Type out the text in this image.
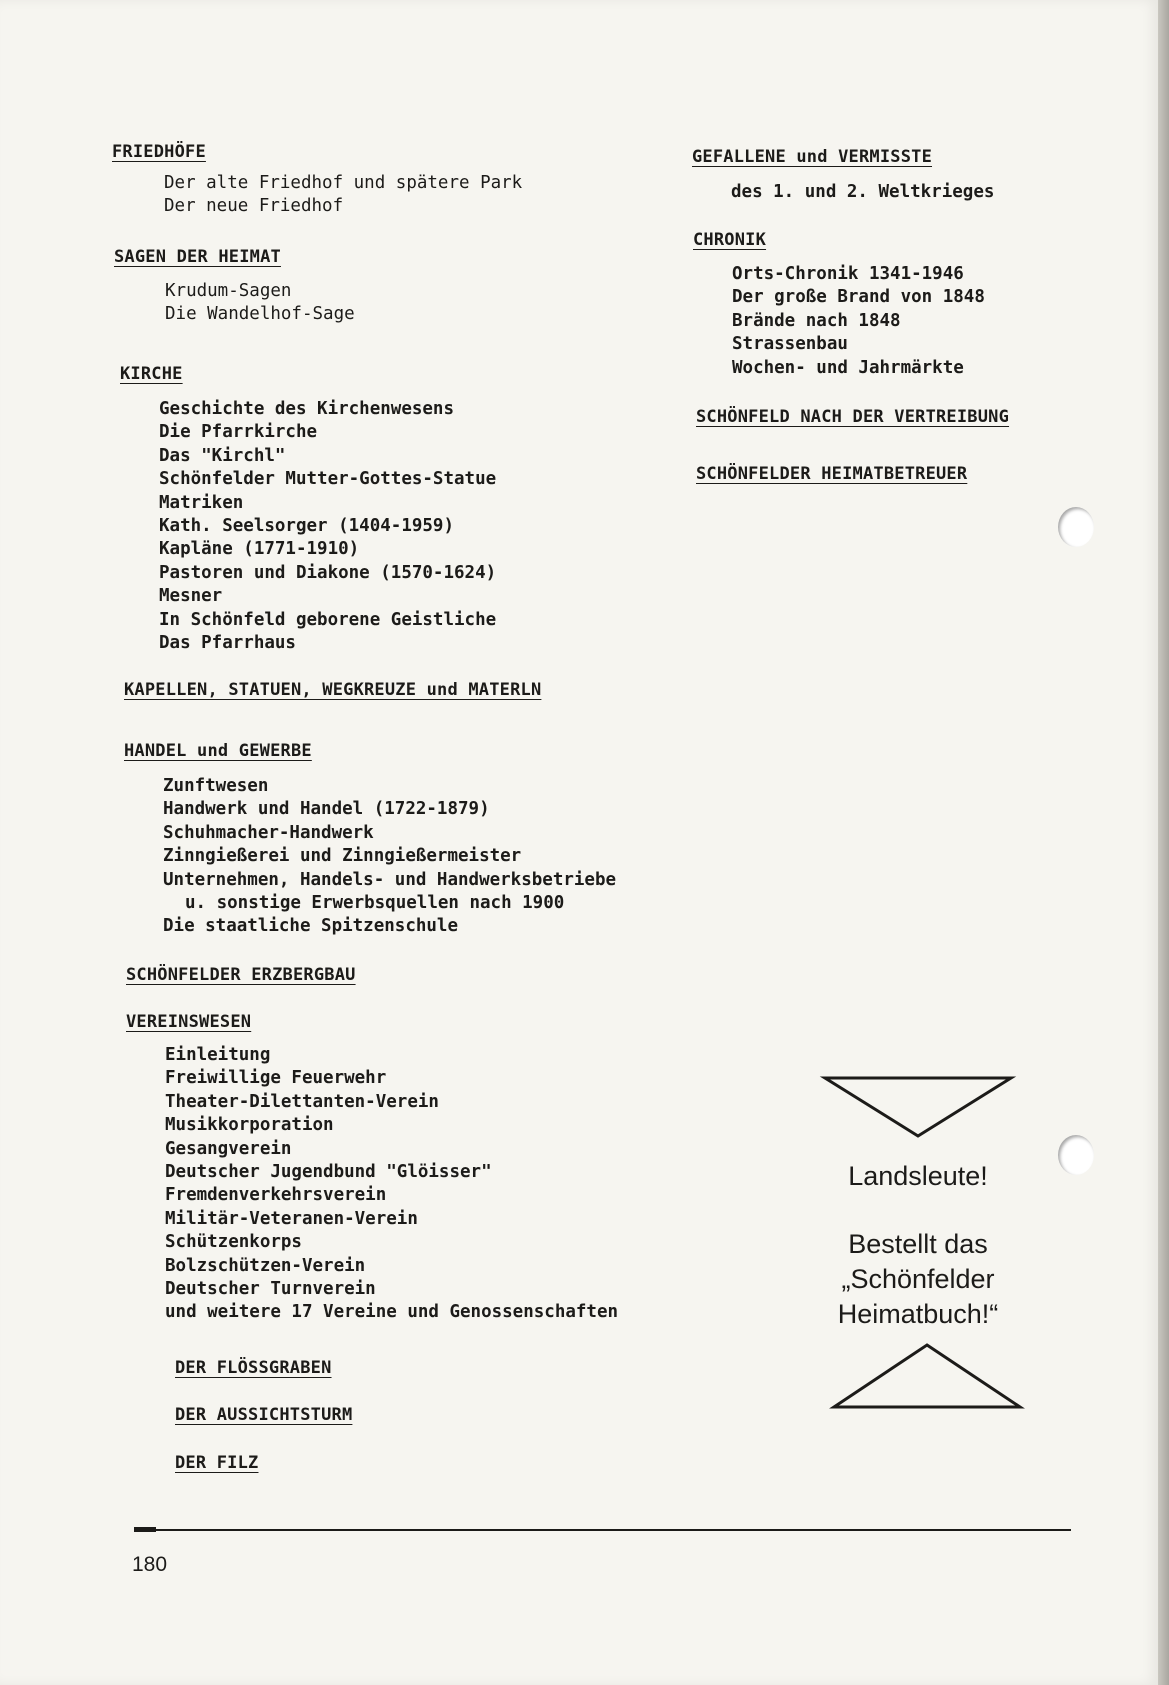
FRIEDHÖFE
Der alte Friedhof und spätere Park
Der neue Friedhof
SAGEN DER HEIMAT
Krudum-Sagen
Die Wandelhof-Sage
KIRCHE
Geschichte des Kirchenwesens
Die Pfarrkirche
Das "Kirchl"
Schönfelder Mutter-Gottes-Statue
Matriken
Kath. Seelsorger (1404-1959)
Kapläne (1771-1910)
Pastoren und Diakone (1570-1624)
Mesner
In Schönfeld geborene Geistliche
Das Pfarrhaus
KAPELLEN, STATUEN, WEGKREUZE und MATERLN
HANDEL und GEWERBE
Zunftwesen
Handwerk und Handel (1722-1879)
Schuhmacher-Handwerk
Zinngießerei und Zinngießermeister
Unternehmen, Handels- und Handwerksbetriebe
u. sonstige Erwerbsquellen nach 1900
Die staatliche Spitzenschule
SCHÖNFELDER ERZBERGBAU
VEREINSWESEN
Einleitung
Freiwillige Feuerwehr
Theater-Dilettanten-Verein
Musikkorporation
Gesangverein
Deutscher Jugendbund "Glöisser"
Fremdenverkehrsverein
Militär-Veteranen-Verein
Schützenkorps
Bolzschützen-Verein
Deutscher Turnverein
und weitere 17 Vereine und Genossenschaften
DER FLÖSSGRABEN
DER AUSSICHTSTURM
DER FILZ
GEFALLENE und VERMISSTE
des 1. und 2. Weltkrieges
CHRONIK
Orts-Chronik 1341-1946
Der große Brand von 1848
Brände nach 1848
Strassenbau
Wochen- und Jahrmärkte
SCHÖNFELD NACH DER VERTREIBUNG
SCHÖNFELDER HEIMATBETREUER
Landsleute!
Bestellt das
„Schönfelder
Heimatbuch!“
180
